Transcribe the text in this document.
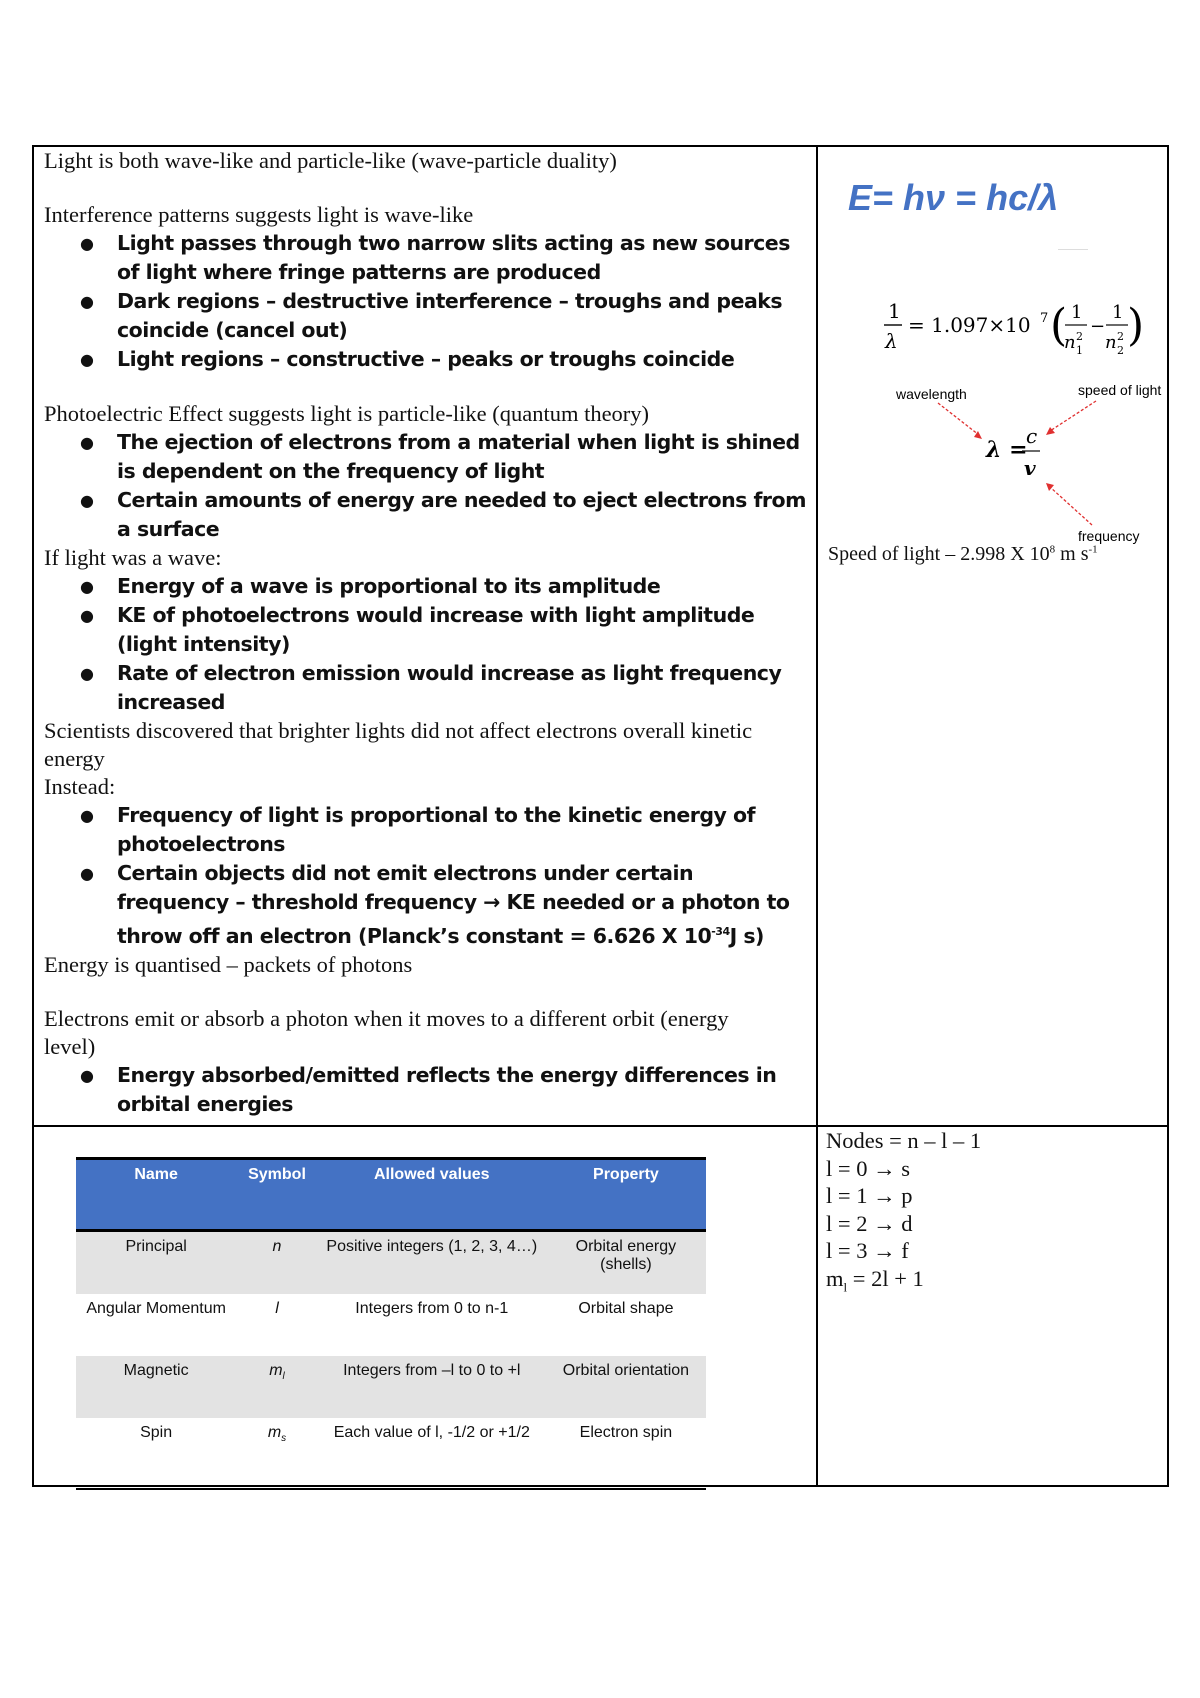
Light is both wave-like and particle-like (wave-particle duality)

Interference patterns suggests light is wave-like

● Light passes through two narrow slits acting as new sources of light where fringe patterns are produced
● Dark regions – destructive interference – troughs and peaks coincide (cancel out)
● Light regions – constructive – peaks or troughs coincide

Photoelectric Effect suggests light is particle-like (quantum theory)

● The ejection of electrons from a material when light is shined is dependent on the frequency of light
● Certain amounts of energy are needed to eject electrons from a surface

If light was a wave:

● Energy of a wave is proportional to its amplitude
● KE of photoelectrons would increase with light amplitude (light intensity)
● Rate of electron emission would increase as light frequency increased

Scientists discovered that brighter lights did not affect electrons overall kinetic

energy

Instead:

● Frequency of light is proportional to the kinetic energy of photoelectrons
● Certain objects did not emit electrons under certain frequency – threshold frequency → KE needed or a photon to throw off an electron (Planck’s constant = 6.626 X $10^{-34}J$ s)

Energy is quantised – packets of photons

Electrons emit or absorb a photon when it moves to a different orbit (energy

level)

● Energy absorbed/emitted reflects the energy differences in orbital energies
E= hν = hc/λ
1
λ
= 1.097×10 7 ( 1
n 2
1
−
1
n 2
2 )
wavelength	speed of light
frequency
λ =
c
v
Speed of light – 2.998 X $10^8$ m $s^{-1}$
Name	Symbol	Allowed values	Property
Principal	n	Positive integers (1, 2, 3, 4…)	Orbital energy (shells)
Angular Momentum	l	Integers from 0 to n-1	Orbital shape
Magnetic	$m_l$	Integers from –l to 0 to +l	Orbital orientation
Spin	$m_s$	Each value of l, -1/2 or +1/2	Electron spin

Nodes = n – l – 1

l = 0 → s

l = 1 → p

l = 2 → d

l = 3 → f

$m_l = 2l + 1$
